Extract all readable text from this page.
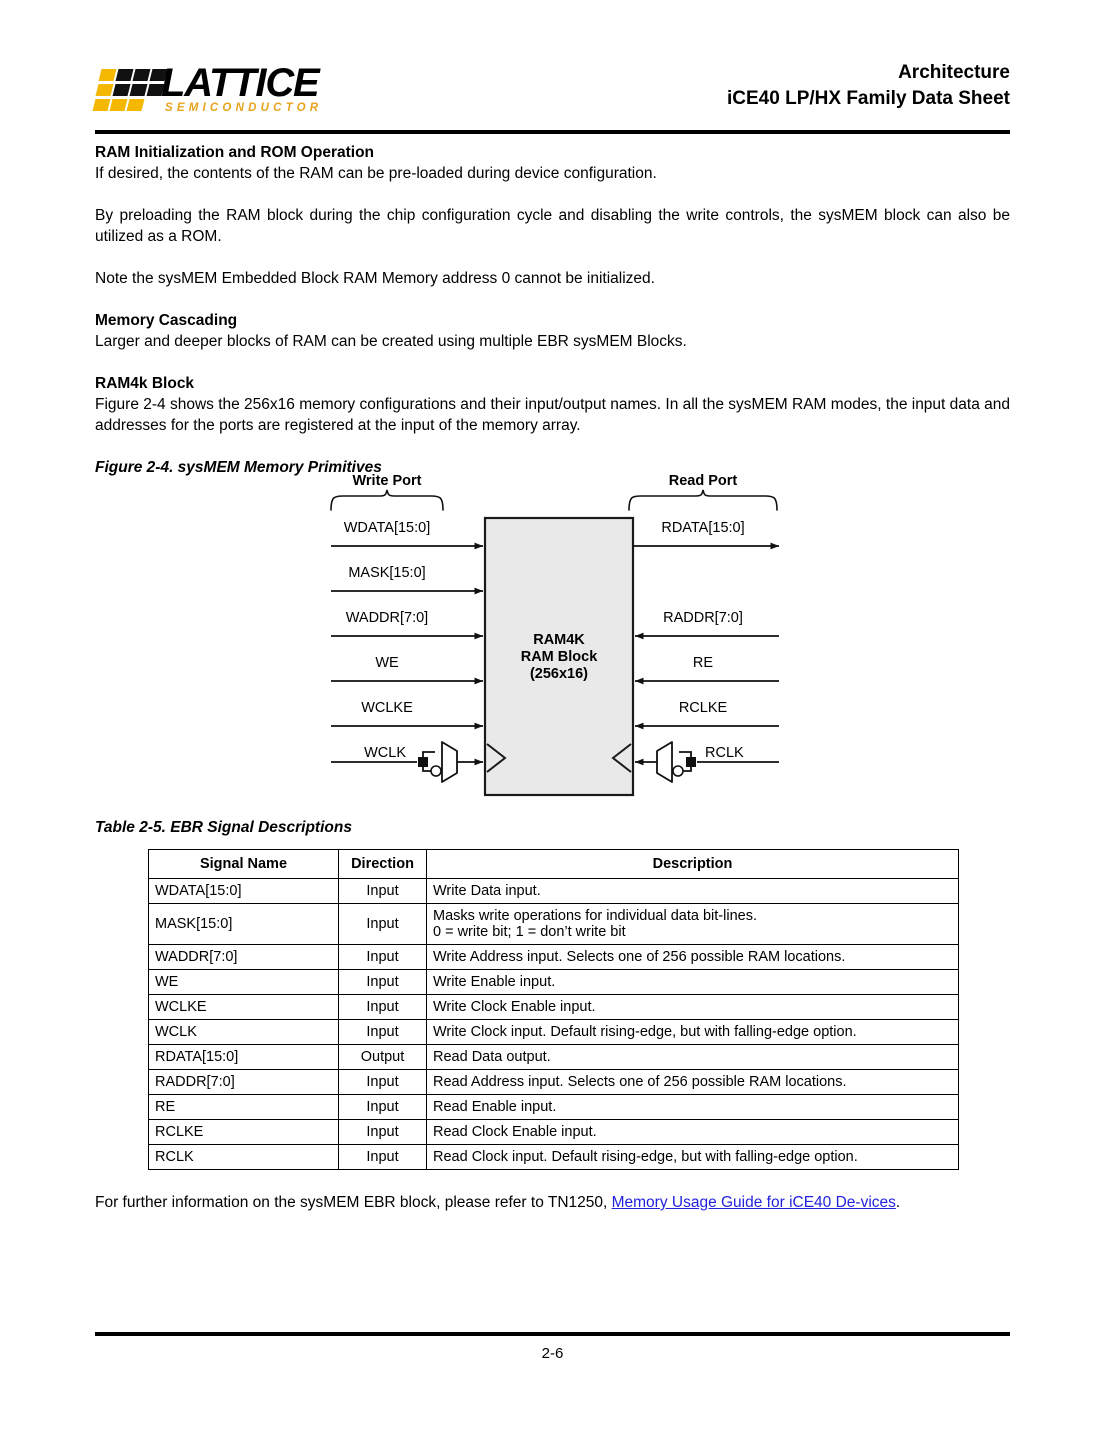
LATTICE
SEMICONDUCTOR
Architecture
iCE40 LP/HX Family Data Sheet
RAM Initialization and ROM Operation

If desired, the contents of the RAM can be pre-loaded during device configuration.

By preloading the RAM block during the chip configuration cycle and disabling the write controls, the sysMEM block can also be utilized as a ROM.

Note the sysMEM Embedded Block RAM Memory address 0 cannot be initialized.

Memory Cascading

Larger and deeper blocks of RAM can be created using multiple EBR sysMEM Blocks.

RAM4k Block

Figure 2-4 shows the 256x16 memory configurations and their input/output names. In all the sysMEM RAM modes, the input data and addresses for the ports are registered at the input of the memory array.

Figure 2-4. sysMEM Memory Primitives
Write Port	Read Port
RAM4K
RAM Block
(256x16)
WDATA[15:0]
MASK[15:0]
WADDR[7:0]
WE
WCLKE
WCLK
RDATA[15:0]
RADDR[7:0]
RE
RCLKE
RCLK
Table 2-5. EBR Signal Descriptions
Signal Name	Direction	Description
WDATA[15:0]	Input	Write Data input.
MASK[15:0]	Input	Masks write operations for individual data bit-lines.
0 = write bit; 1 = don’t write bit

WADDR[7:0]	Input	Write Address input. Selects one of 256 possible RAM locations.
WE	Input	Write Enable input.
WCLKE	Input	Write Clock Enable input.
WCLK	Input	Write Clock input. Default rising-edge, but with falling-edge option.
RDATA[15:0]	Output	Read Data output.
RADDR[7:0]	Input	Read Address input. Selects one of 256 possible RAM locations.
RE	Input	Read Enable input.
RCLKE	Input	Read Clock Enable input.
RCLK	Input	Read Clock input. Default rising-edge, but with falling-edge option.
For further information on the sysMEM EBR block, please refer to TN1250, Memory Usage Guide for iCE40 De-vices.
2-6
